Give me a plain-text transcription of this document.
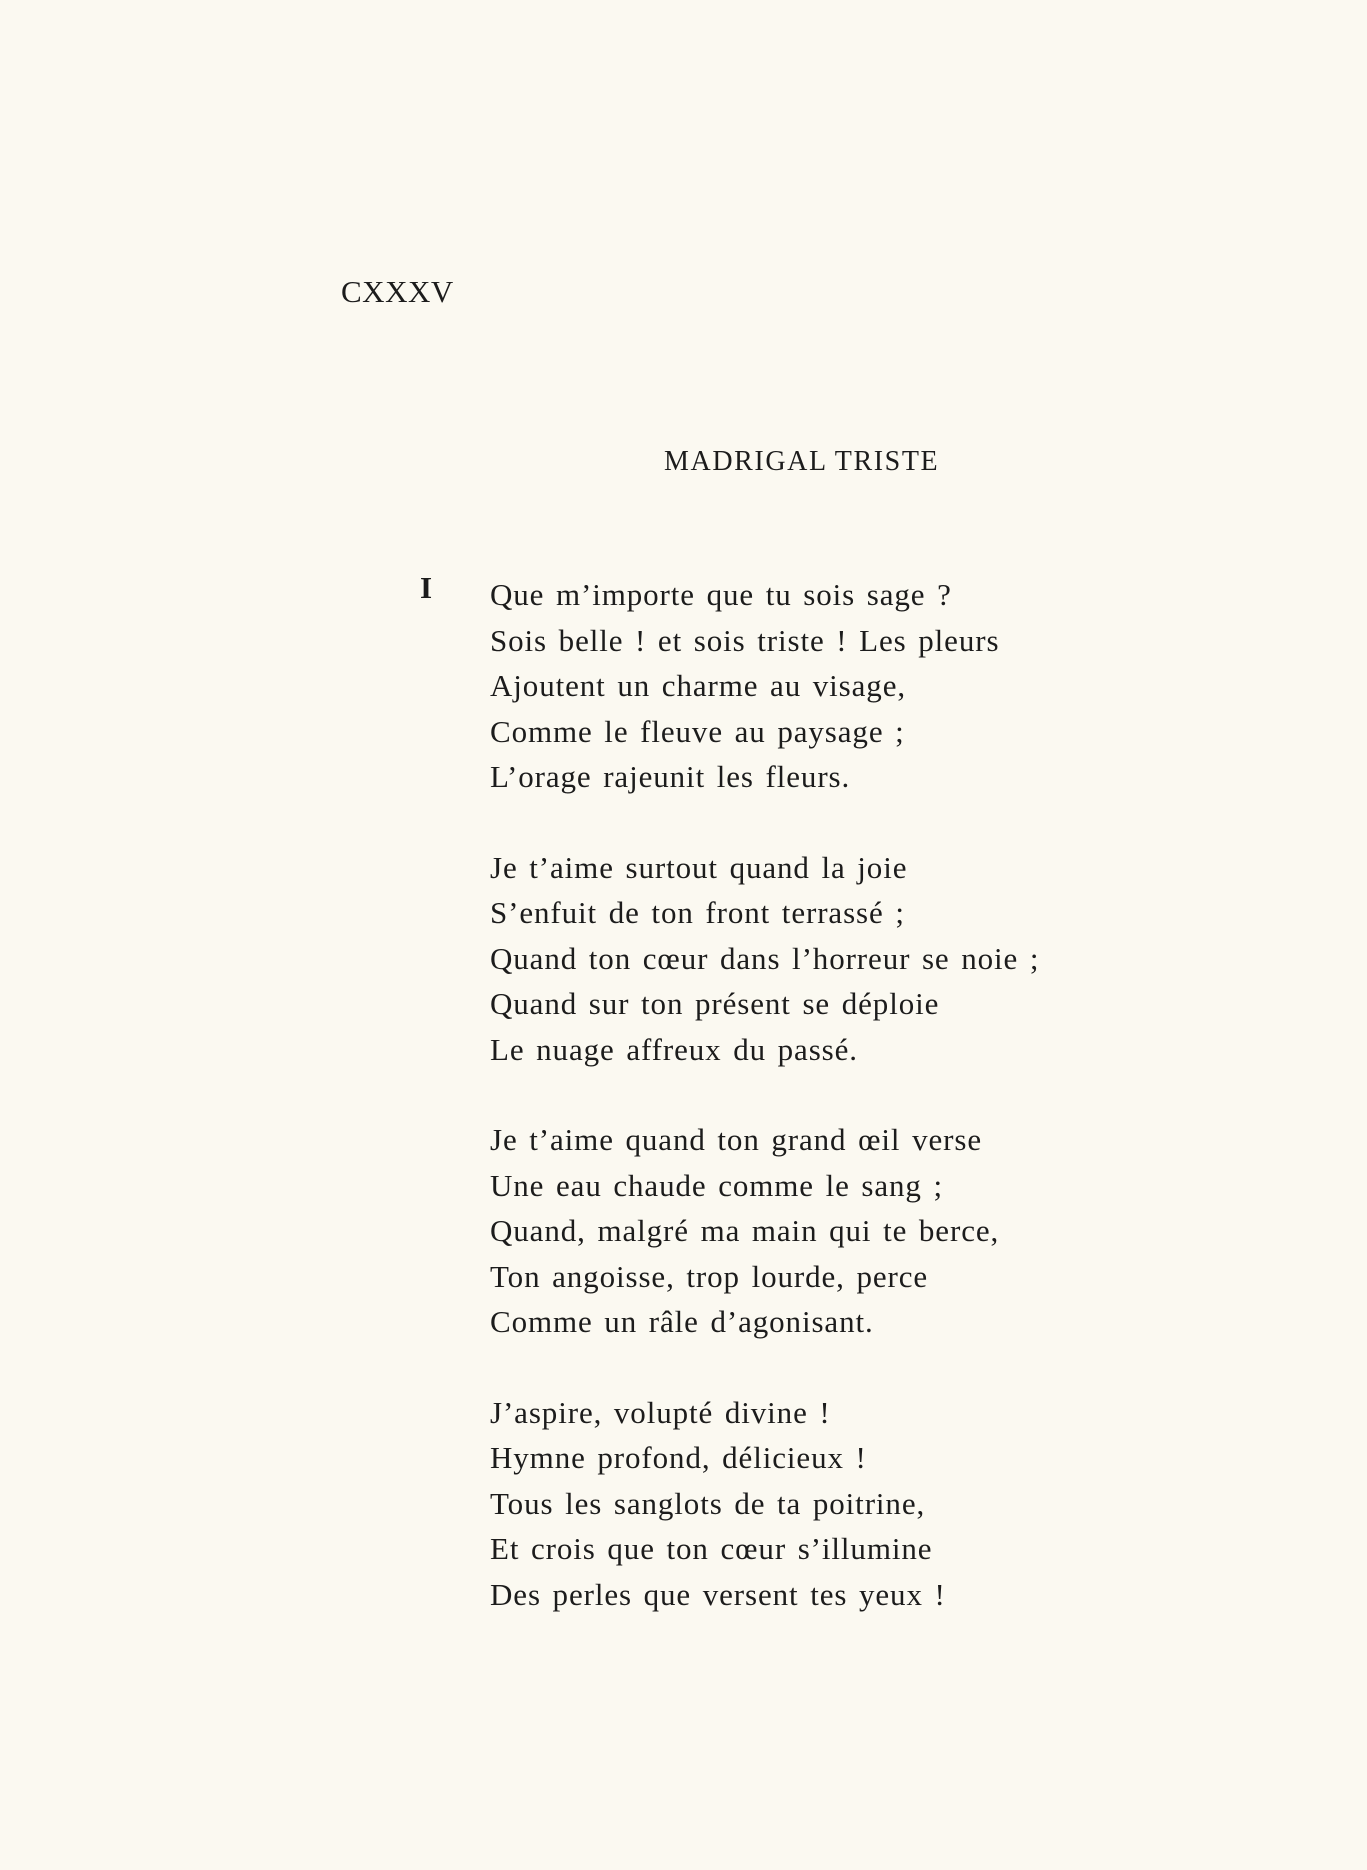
CXXXV
MADRIGAL TRISTE
I Que m’importe que tu sois sage ?
Sois belle ! et sois triste ! Les pleurs
Ajoutent un charme au visage,
Comme le fleuve au paysage ;
L’orage rajeunit les fleurs.
Je t’aime surtout quand la joie
S’enfuit de ton front terrassé ;
Quand ton cœur dans l’horreur se noie ;
Quand sur ton présent se déploie
Le nuage affreux du passé.
Je t’aime quand ton grand œil verse
Une eau chaude comme le sang ;
Quand, malgré ma main qui te berce,
Ton angoisse, trop lourde, perce
Comme un râle d’agonisant.
J’aspire, volupté divine !
Hymne profond, délicieux !
Tous les sanglots de ta poitrine,
Et crois que ton cœur s’illumine
Des perles que versent tes yeux !
